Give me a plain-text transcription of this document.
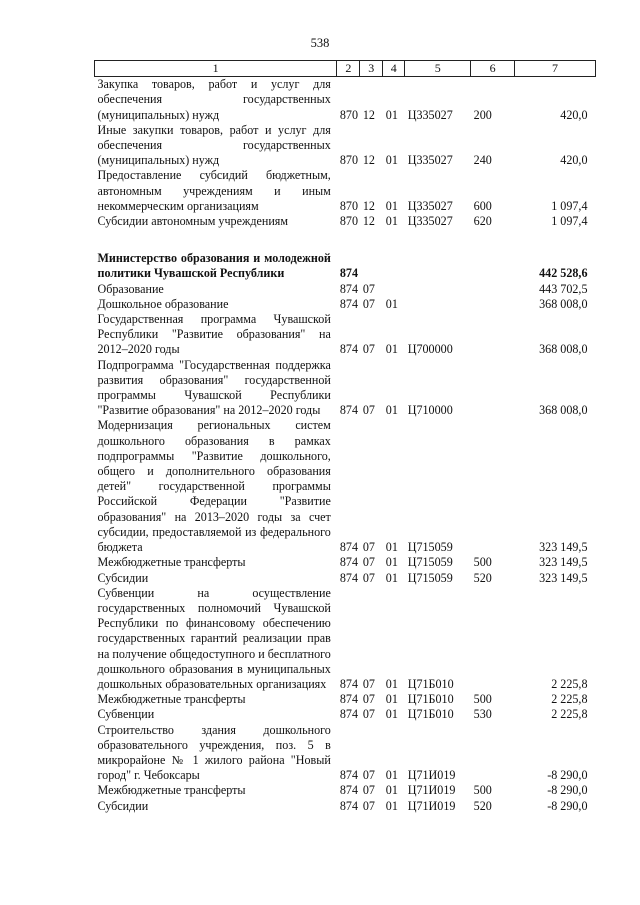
538
1	2	3	4	5	6	7
Закупка товаров, работ и услуг для обеспечения государственных (муниципальных) нужд	870	12	01	Ц335027	200	420,0
Иные закупки товаров, работ и услуг для обеспечения государственных (муниципальных) нужд	870	12	01	Ц335027	240	420,0
Предоставление субсидий бюджетным, автономным учреждениям и иным некоммерческим организациям	870	12	01	Ц335027	600	1 097,4
Субсидии автономным учреждениям	870	12	01	Ц335027	620	1 097,4

Министерство образования и молодежной политики Чувашской Республики	874					442 528,6
Образование	874	07				443 702,5
Дошкольное образование	874	07	01			368 008,0
Государственная программа Чувашской Республики "Развитие образования" на 2012–2020 годы	874	07	01	Ц700000		368 008,0
Подпрограмма "Государственная поддержка развития образования" государственной программы Чувашской Республики "Развитие образования" на 2012–2020 годы	874	07	01	Ц710000		368 008,0
Модернизация региональных систем дошкольного образования в рамках подпрограммы "Развитие дошкольного, общего и дополнительного образования детей" государственной программы Российской Федерации "Развитие образования" на 2013–2020 годы за счет субсидии, предоставляемой из федерального бюджета	874	07	01	Ц715059		323 149,5
Межбюджетные трансферты	874	07	01	Ц715059	500	323 149,5
Субсидии	874	07	01	Ц715059	520	323 149,5
Субвенции на осуществление государственных полномочий Чувашской Республики по финансовому обеспечению государственных гарантий реализации прав на получение общедоступного и бесплатного дошкольного образования в муниципальных дошкольных образовательных организациях	874	07	01	Ц71Б010		2 225,8
Межбюджетные трансферты	874	07	01	Ц71Б010	500	2 225,8
Субвенции	874	07	01	Ц71Б010	530	2 225,8
Строительство здания дошкольного образовательного учреждения, поз. 5 в микрорайоне № 1 жилого района "Новый город" г. Чебоксары	874	07	01	Ц71И019		-8 290,0
Межбюджетные трансферты	874	07	01	Ц71И019	500	-8 290,0
Субсидии	874	07	01	Ц71И019	520	-8 290,0
